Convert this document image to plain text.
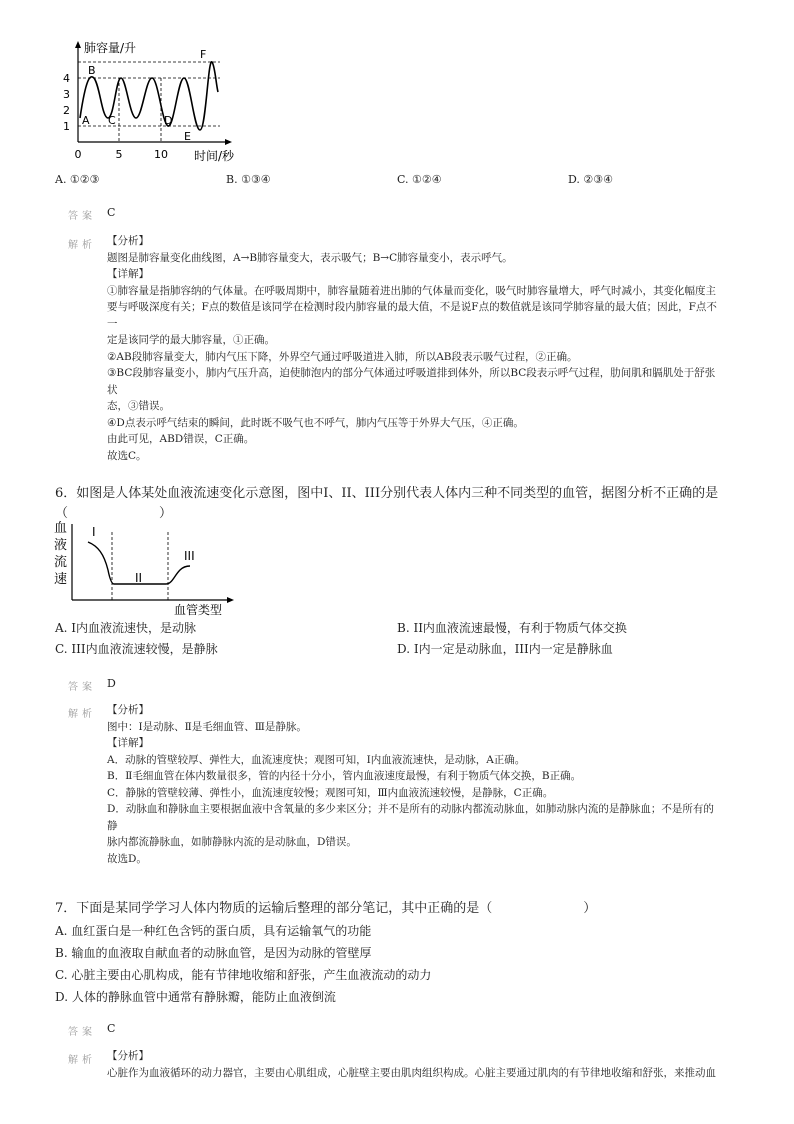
1
2
3
4
0	5	10
肺容量/升
时间/秒
A
B
C	D
E
F
A. ①②③	B. ①③④	C. ①②④	D. ②③④
答案 C
解析 【分析】
题图是肺容量变化曲线图，A→B肺容量变大，表示吸气；B→C肺容量变小，表示呼气。
【详解】
①肺容量是指肺容纳的气体量。在呼吸周期中，肺容量随着进出肺的气体量而变化，吸气时肺容量增大，呼气时减小，其变化幅度主
要与呼吸深度有关；F点的数值是该同学在检测时段内肺容量的最大值，不是说F点的数值就是该同学肺容量的最大值；因此，F点不一
定是该同学的最大肺容量，①正确。
②AB段肺容量变大，肺内气压下降，外界空气通过呼吸道进入肺，所以AB段表示吸气过程，②正确。
③BC段肺容量变小，肺内气压升高，迫使肺泡内的部分气体通过呼吸道排到体外，所以BC段表示呼气过程，肋间肌和膈肌处于舒张状
态，③错误。
④D点表示呼气结束的瞬间，此时既不吸气也不呼气，肺内气压等于外界大气压，④正确。
由此可见，ABD错误，C正确。
故选C。
6．如图是人体某处血液流速变化示意图，图中I、II、III分别代表人体内三种不同类型的血管，据图分析不正确的是
（　　　　　　　）
血
液
流
速
I
II
III
血管类型
A. I内血液流速快，是动脉	B. II内血液流速最慢，有利于物质气体交换
C. III内血液流速较慢，是静脉	D. I内一定是动脉血，III内一定是静脉血
答案 D
解析 【分析】
图中：Ⅰ是动脉、Ⅱ是毛细血管、Ⅲ是静脉。
【详解】
A．动脉的管壁较厚、弹性大，血流速度快；观图可知，Ⅰ内血液流速快，是动脉，A正确。
B．Ⅱ毛细血管在体内数量很多，管的内径十分小，管内血液速度最慢，有利于物质气体交换，B正确。
C．静脉的管壁较薄、弹性小，血流速度较慢；观图可知，Ⅲ内血液流速较慢，是静脉，C正确。
D．动脉血和静脉血主要根据血液中含氧量的多少来区分；并不是所有的动脉内都流动脉血，如肺动脉内流的是静脉血；不是所有的静
脉内都流静脉血，如肺静脉内流的是动脉血，D错误。
故选D。
7．下面是某同学学习人体内物质的运输后整理的部分笔记，其中正确的是（　　　　　　　）
A. 血红蛋白是一种红色含钙的蛋白质，具有运输氧气的功能
B. 输血的血液取自献血者的动脉血管，是因为动脉的管壁厚
C. 心脏主要由心肌构成，能有节律地收缩和舒张，产生血液流动的动力
D. 人体的静脉血管中通常有静脉瓣，能防止血液倒流
答案 C
解析 【分析】
心脏作为血液循环的动力器官，主要由心肌组成，心脏壁主要由肌肉组织构成。心脏主要通过肌肉的有节律地收缩和舒张，来推动血
